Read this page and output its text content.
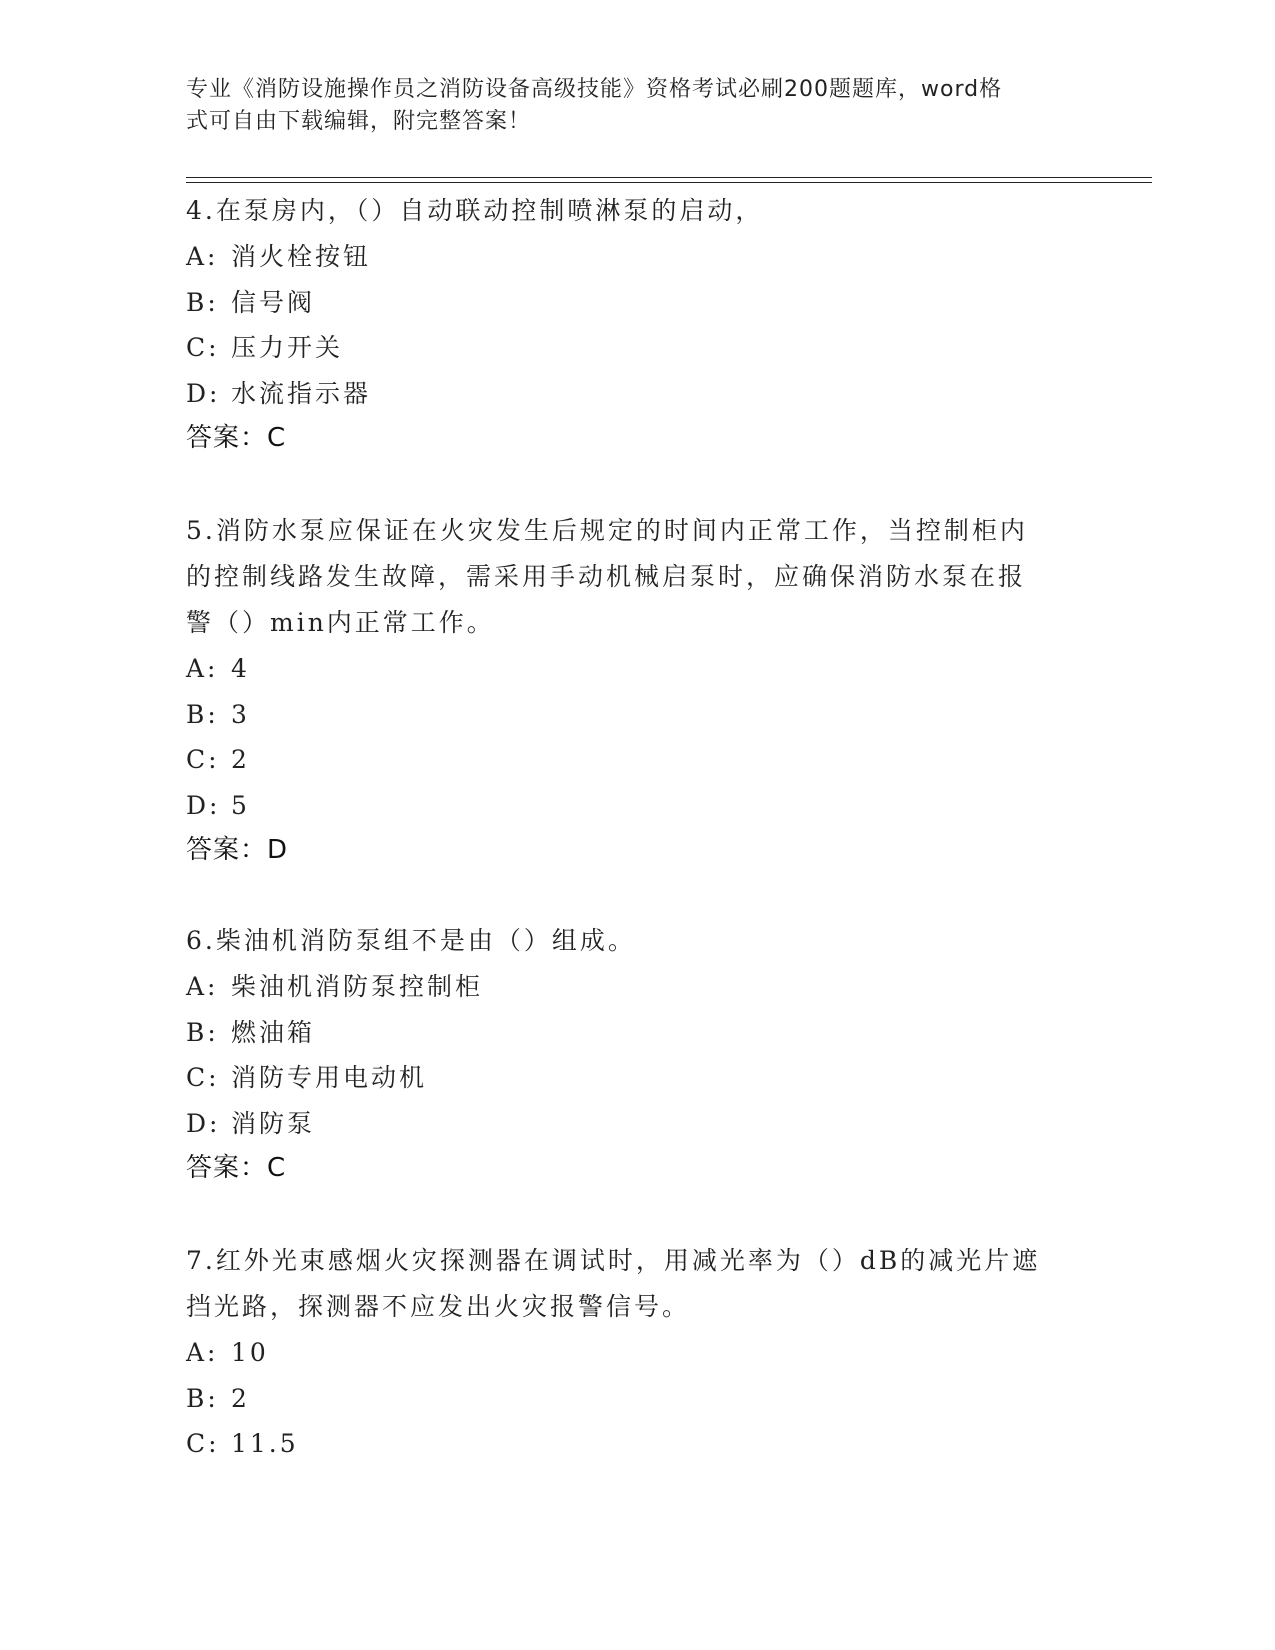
专业《消防设施操作员之消防设备高级技能》资格考试必刷200题题库，word格
式可自由下载编辑，附完整答案！

4.在泵房内，（）自动联动控制喷淋泵的启动，

A: 消火栓按钮

B: 信号阀

C: 压力开关

D: 水流指示器

答案：C

5.消防水泵应保证在火灾发生后规定的时间内正常工作，当控制柜内

的控制线路发生故障，需采用手动机械启泵时，应确保消防水泵在报

警（）min内正常工作。

A: 4

B: 3

C: 2

D: 5

答案：D

6.柴油机消防泵组不是由（）组成。

A: 柴油机消防泵控制柜

B: 燃油箱

C: 消防专用电动机

D: 消防泵

答案：C

7.红外光束感烟火灾探测器在调试时，用减光率为（）dB的减光片遮

挡光路，探测器不应发出火灾报警信号。

A: 10

B: 2

C: 11.5
